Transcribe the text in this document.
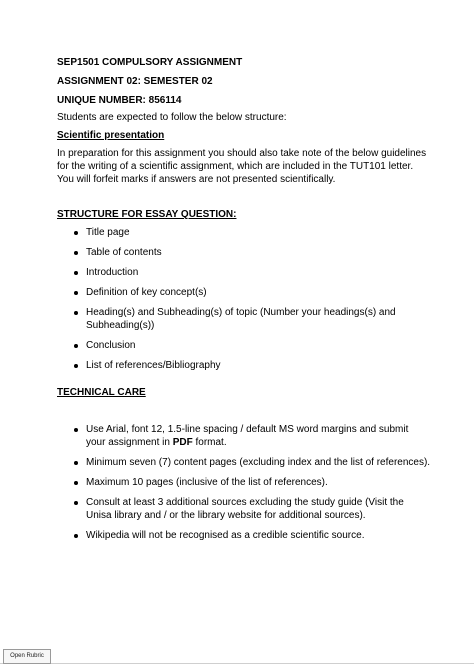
SEP1501 COMPULSORY ASSIGNMENT

ASSIGNMENT 02: SEMESTER 02

UNIQUE NUMBER: 856114

Students are expected to follow the below structure:

Scientific presentation

In preparation for this assignment you should also take note of the below guidelines for the writing of a scientific assignment, which are included in the TUT101 letter. You will forfeit marks if answers are not presented scientifically.

STRUCTURE FOR ESSAY QUESTION:

Title page
Table of contents
Introduction
Definition of key concept(s)
Heading(s) and Subheading(s) of topic (Number your headings(s) and Subheading(s))
Conclusion
List of references/Bibliography

TECHNICAL CARE

Use Arial, font 12, 1.5-line spacing / default MS word margins and submit your assignment in PDF format.
Minimum seven (7) content pages (excluding index and the list of references).
Maximum 10 pages (inclusive of the list of references).
Consult at least 3 additional sources excluding the study guide (Visit the Unisa library and / or the library website for additional sources).
Wikipedia will not be recognised as a credible scientific source.
Open Rubric
